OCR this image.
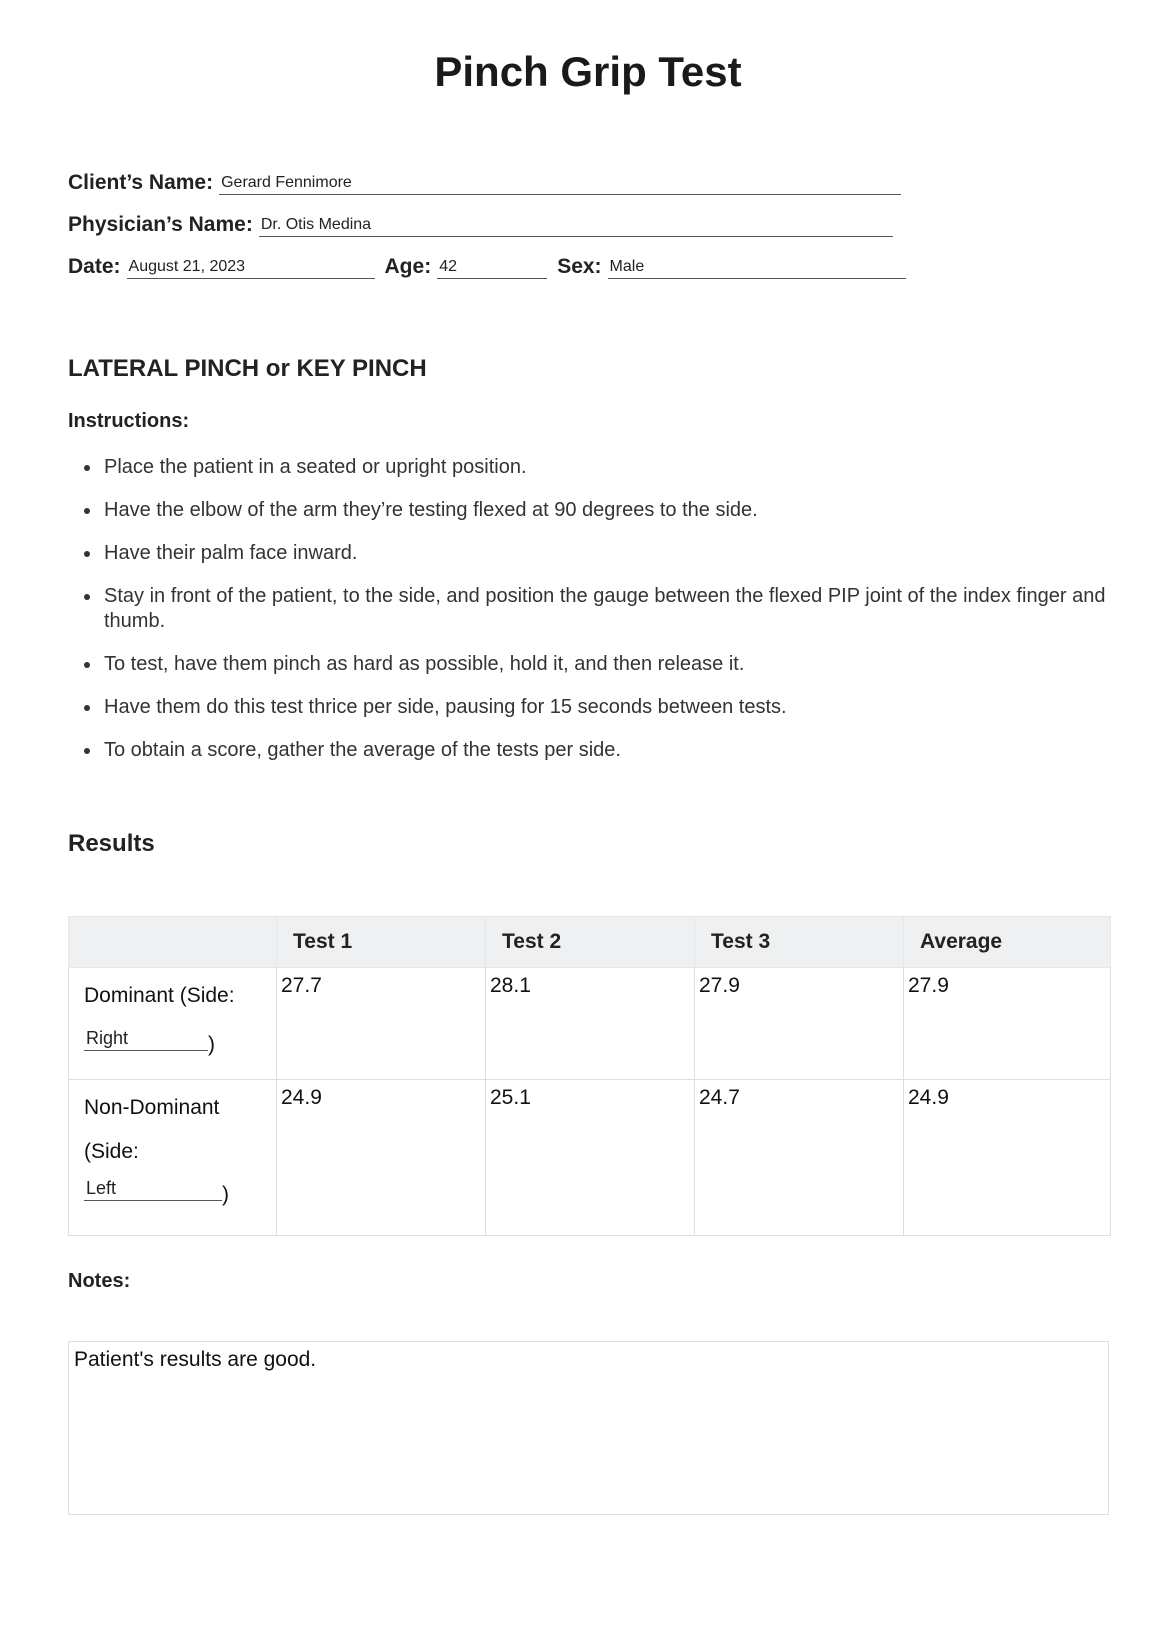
Pinch Grip Test
Client’s Name: Gerard Fennimore
Physician’s Name: Dr. Otis Medina
Date: August 21, 2023	Age: 42	Sex: Male
LATERAL PINCH or KEY PINCH
Instructions:
• Place the patient in a seated or upright position.
• Have the elbow of the arm they’re testing flexed at 90 degrees to the side.
• Have their palm face inward.
• Stay in front of the patient, to the side, and position the gauge between the flexed PIP joint of the index finger and thumb.
• To test, have them pinch as hard as possible, hold it, and then release it.
• Have them do this test thrice per side, pausing for 15 seconds between tests.
• To obtain a score, gather the average of the tests per side.
Results
	Test 1	Test 2	Test 3	Average

Dominant (Side:
Right )	27.7	28.1	27.9	27.9

Non-Dominant
(Side:
Left )	24.9	25.1	24.7	24.9
Notes:
Patient's results are good.
